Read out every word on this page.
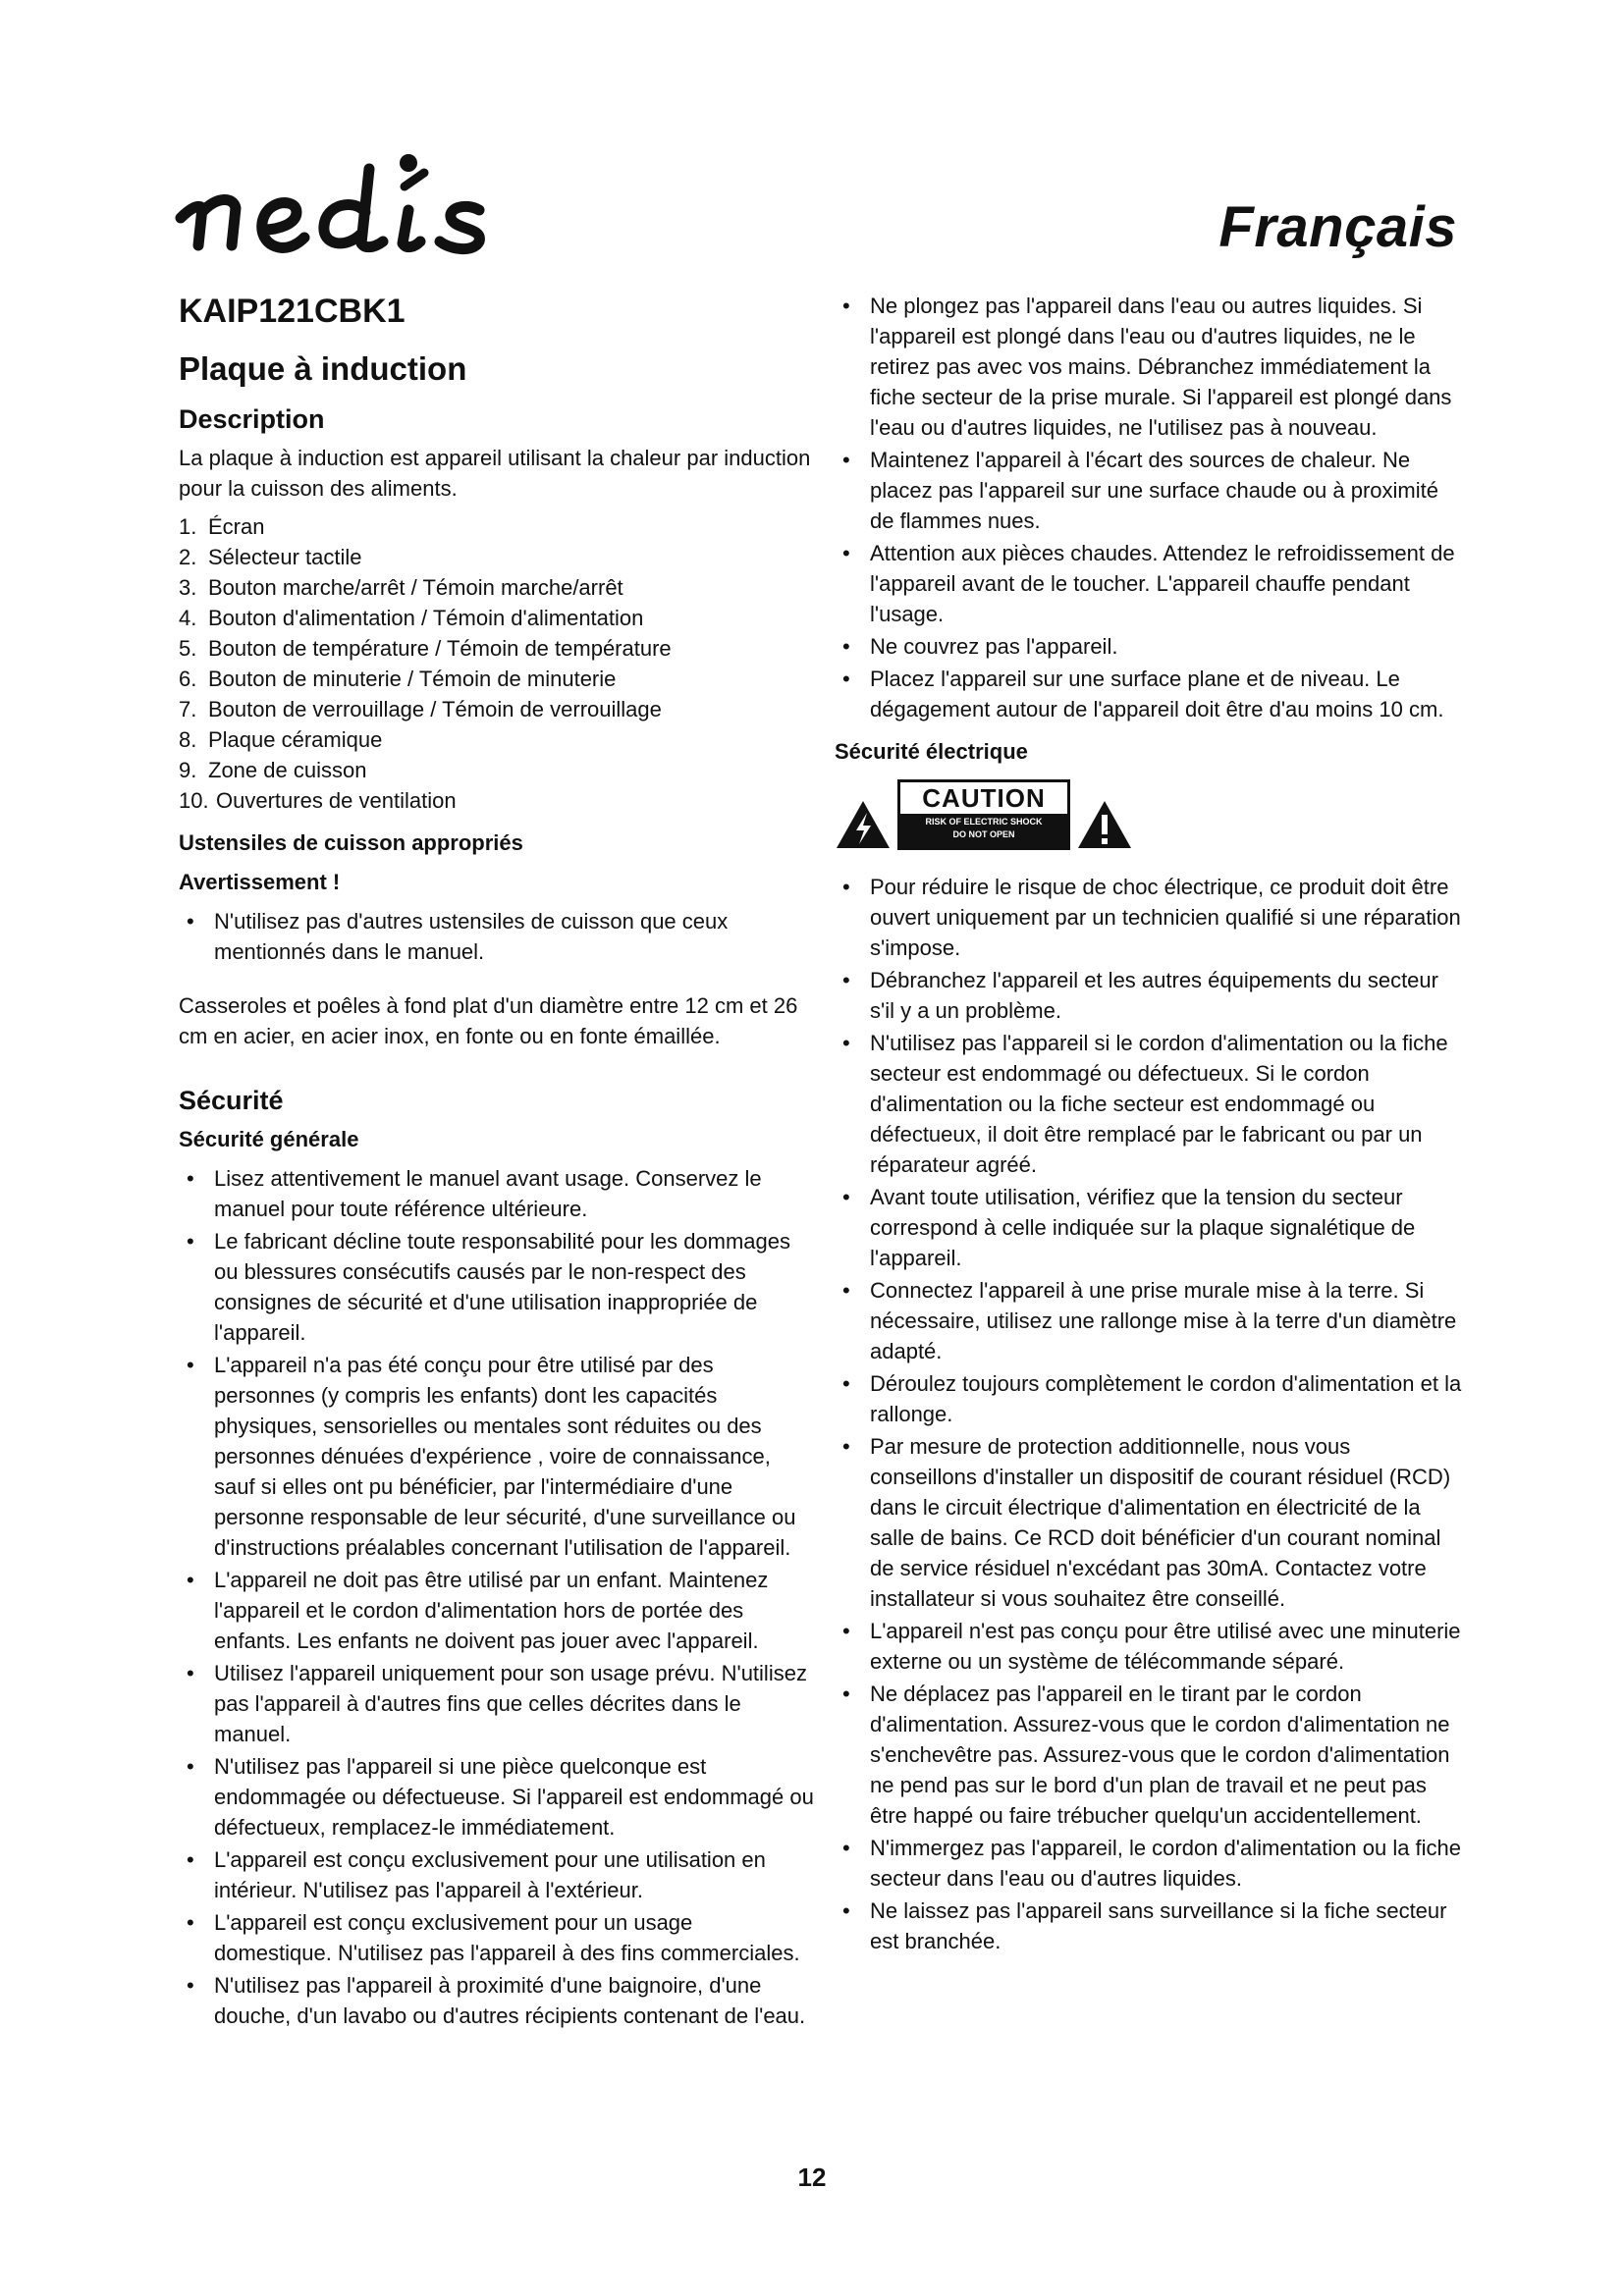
Français
KAIP121CBK1
Plaque à induction
Description

La plaque à induction est appareil utilisant la chaleur par induction pour la cuisson des aliments.

1. Écran
2. Sélecteur tactile
3. Bouton marche/arrêt / Témoin marche/arrêt
4. Bouton d'alimentation / Témoin d'alimentation
5. Bouton de température / Témoin de température
6. Bouton de minuterie / Témoin de minuterie
7. Bouton de verrouillage / Témoin de verrouillage
8. Plaque céramique
9. Zone de cuisson
10. Ouvertures de ventilation
Ustensiles de cuisson appropriés
Avertissement !
• N'utilisez pas d'autres ustensiles de cuisson que ceux mentionnés dans le manuel.

Casseroles et poêles à fond plat d'un diamètre entre 12 cm et 26 cm en acier, en acier inox, en fonte ou en fonte émaillée.

Sécurité
Sécurité générale
• Lisez attentivement le manuel avant usage. Conservez le manuel pour toute référence ultérieure.
• Le fabricant décline toute responsabilité pour les dommages ou blessures consécutifs causés par le non-respect des consignes de sécurité et d'une utilisation inappropriée de l'appareil.
• L'appareil n'a pas été conçu pour être utilisé par des personnes (y compris les enfants) dont les capacités physiques, sensorielles ou mentales sont réduites ou des personnes dénuées d'expérience , voire de connaissance, sauf si elles ont pu bénéficier, par l'intermédiaire d'une personne responsable de leur sécurité, d'une surveillance ou d'instructions préalables concernant l'utilisation de l'appareil.
• L'appareil ne doit pas être utilisé par un enfant. Maintenez l'appareil et le cordon d'alimentation hors de portée des enfants. Les enfants ne doivent pas jouer avec l'appareil.
• Utilisez l'appareil uniquement pour son usage prévu. N'utilisez pas l'appareil à d'autres fins que celles décrites dans le manuel.
• N'utilisez pas l'appareil si une pièce quelconque est endommagée ou défectueuse. Si l'appareil est endommagé ou défectueux, remplacez-le immédiatement.
• L'appareil est conçu exclusivement pour une utilisation en intérieur. N'utilisez pas l'appareil à l'extérieur.
• L'appareil est conçu exclusivement pour un usage domestique. N'utilisez pas l'appareil à des fins commerciales.
• N'utilisez pas l'appareil à proximité d'une baignoire, d'une douche, d'un lavabo ou d'autres récipients contenant de l'eau.
• Ne plongez pas l'appareil dans l'eau ou autres liquides. Si l'appareil est plongé dans l'eau ou d'autres liquides, ne le retirez pas avec vos mains. Débranchez immédiatement la fiche secteur de la prise murale. Si l'appareil est plongé dans l'eau ou d'autres liquides, ne l'utilisez pas à nouveau.
• Maintenez l'appareil à l'écart des sources de chaleur. Ne placez pas l'appareil sur une surface chaude ou à proximité de flammes nues.
• Attention aux pièces chaudes. Attendez le refroidissement de l'appareil avant de le toucher. L'appareil chauffe pendant l'usage.
• Ne couvrez pas l'appareil.
• Placez l'appareil sur une surface plane et de niveau. Le dégagement autour de l'appareil doit être d'au moins 10 cm.
Sécurité électrique
CAUTION
RISK OF ELECTRIC SHOCK
DO NOT OPEN
• Pour réduire le risque de choc électrique, ce produit doit être ouvert uniquement par un technicien qualifié si une réparation s'impose.
• Débranchez l'appareil et les autres équipements du secteur s'il y a un problème.
• N'utilisez pas l'appareil si le cordon d'alimentation ou la fiche secteur est endommagé ou défectueux. Si le cordon d'alimentation ou la fiche secteur est endommagé ou défectueux, il doit être remplacé par le fabricant ou par un réparateur agréé.
• Avant toute utilisation, vérifiez que la tension du secteur correspond à celle indiquée sur la plaque signalétique de l'appareil.
• Connectez l'appareil à une prise murale mise à la terre. Si nécessaire, utilisez une rallonge mise à la terre d'un diamètre adapté.
• Déroulez toujours complètement le cordon d'alimentation et la rallonge.
• Par mesure de protection additionnelle, nous vous conseillons d'installer un dispositif de courant résiduel (RCD) dans le circuit électrique d'alimentation en électricité de la salle de bains. Ce RCD doit bénéficier d'un courant nominal de service résiduel n'excédant pas 30mA. Contactez votre installateur si vous souhaitez être conseillé.
• L'appareil n'est pas conçu pour être utilisé avec une minuterie externe ou un système de télécommande séparé.
• Ne déplacez pas l'appareil en le tirant par le cordon d'alimentation. Assurez-vous que le cordon d'alimentation ne s'enchevêtre pas. Assurez-vous que le cordon d'alimentation ne pend pas sur le bord d'un plan de travail et ne peut pas être happé ou faire trébucher quelqu'un accidentellement.
• N'immergez pas l'appareil, le cordon d'alimentation ou la fiche secteur dans l'eau ou d'autres liquides.
• Ne laissez pas l'appareil sans surveillance si la fiche secteur est branchée.
12
